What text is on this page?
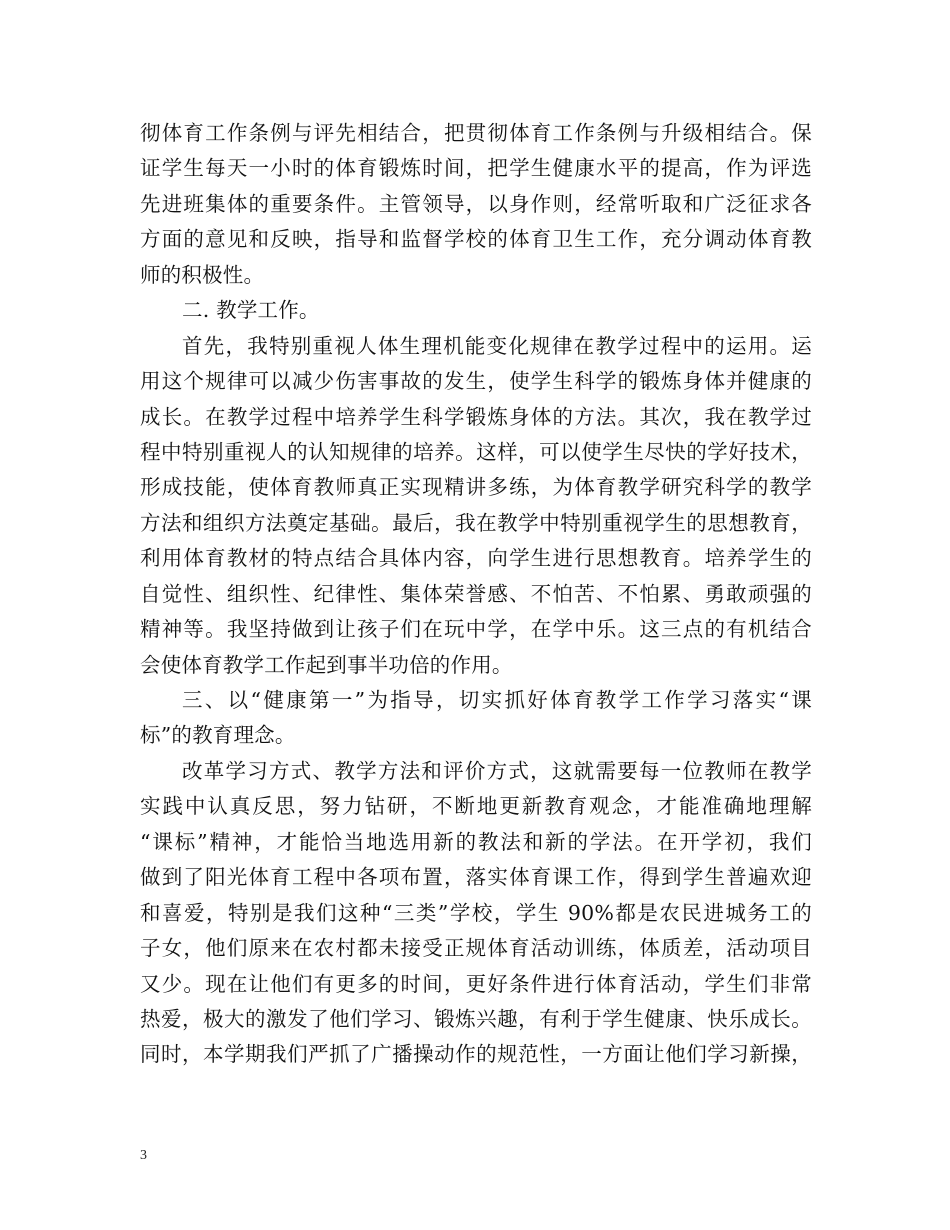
彻体育工作条例与评先相结合，把贯彻体育工作条例与升级相结合。保
证学生每天一小时的体育锻炼时间，把学生健康水平的提高，作为评选
先进班集体的重要条件。主管领导，以身作则，经常听取和广泛征求各
方面的意见和反映，指导和监督学校的体育卫生工作，充分调动体育教
师的积极性。
二. 教学工作。
首先，我特别重视人体生理机能变化规律在教学过程中的运用。运
用这个规律可以减少伤害事故的发生，使学生科学的锻炼身体并健康的
成长。在教学过程中培养学生科学锻炼身体的方法。其次，我在教学过
程中特别重视人的认知规律的培养。这样，可以使学生尽快的学好技术，
形成技能，使体育教师真正实现精讲多练，为体育教学研究科学的教学
方法和组织方法奠定基础。最后，我在教学中特别重视学生的思想教育，
利用体育教材的特点结合具体内容，向学生进行思想教育。培养学生的
自觉性、组织性、纪律性、集体荣誉感、不怕苦、不怕累、勇敢顽强的
精神等。我坚持做到让孩子们在玩中学，在学中乐。这三点的有机结合
会使体育教学工作起到事半功倍的作用。
三、以“健康第一”为指导，切实抓好体育教学工作学习落实“课
标”的教育理念。
改革学习方式、教学方法和评价方式，这就需要每一位教师在教学
实践中认真反思，努力钻研，不断地更新教育观念，才能准确地理解
“课标”精神，才能恰当地选用新的教法和新的学法。在开学初，我们
做到了阳光体育工程中各项布置，落实体育课工作，得到学生普遍欢迎
和喜爱，特别是我们这种“三类”学校，学生 90%都是农民进城务工的
子女，他们原来在农村都未接受正规体育活动训练，体质差，活动项目
又少。现在让他们有更多的时间，更好条件进行体育活动，学生们非常
热爱，极大的激发了他们学习、锻炼兴趣，有利于学生健康、快乐成长。
同时，本学期我们严抓了广播操动作的规范性，一方面让他们学习新操，
3
